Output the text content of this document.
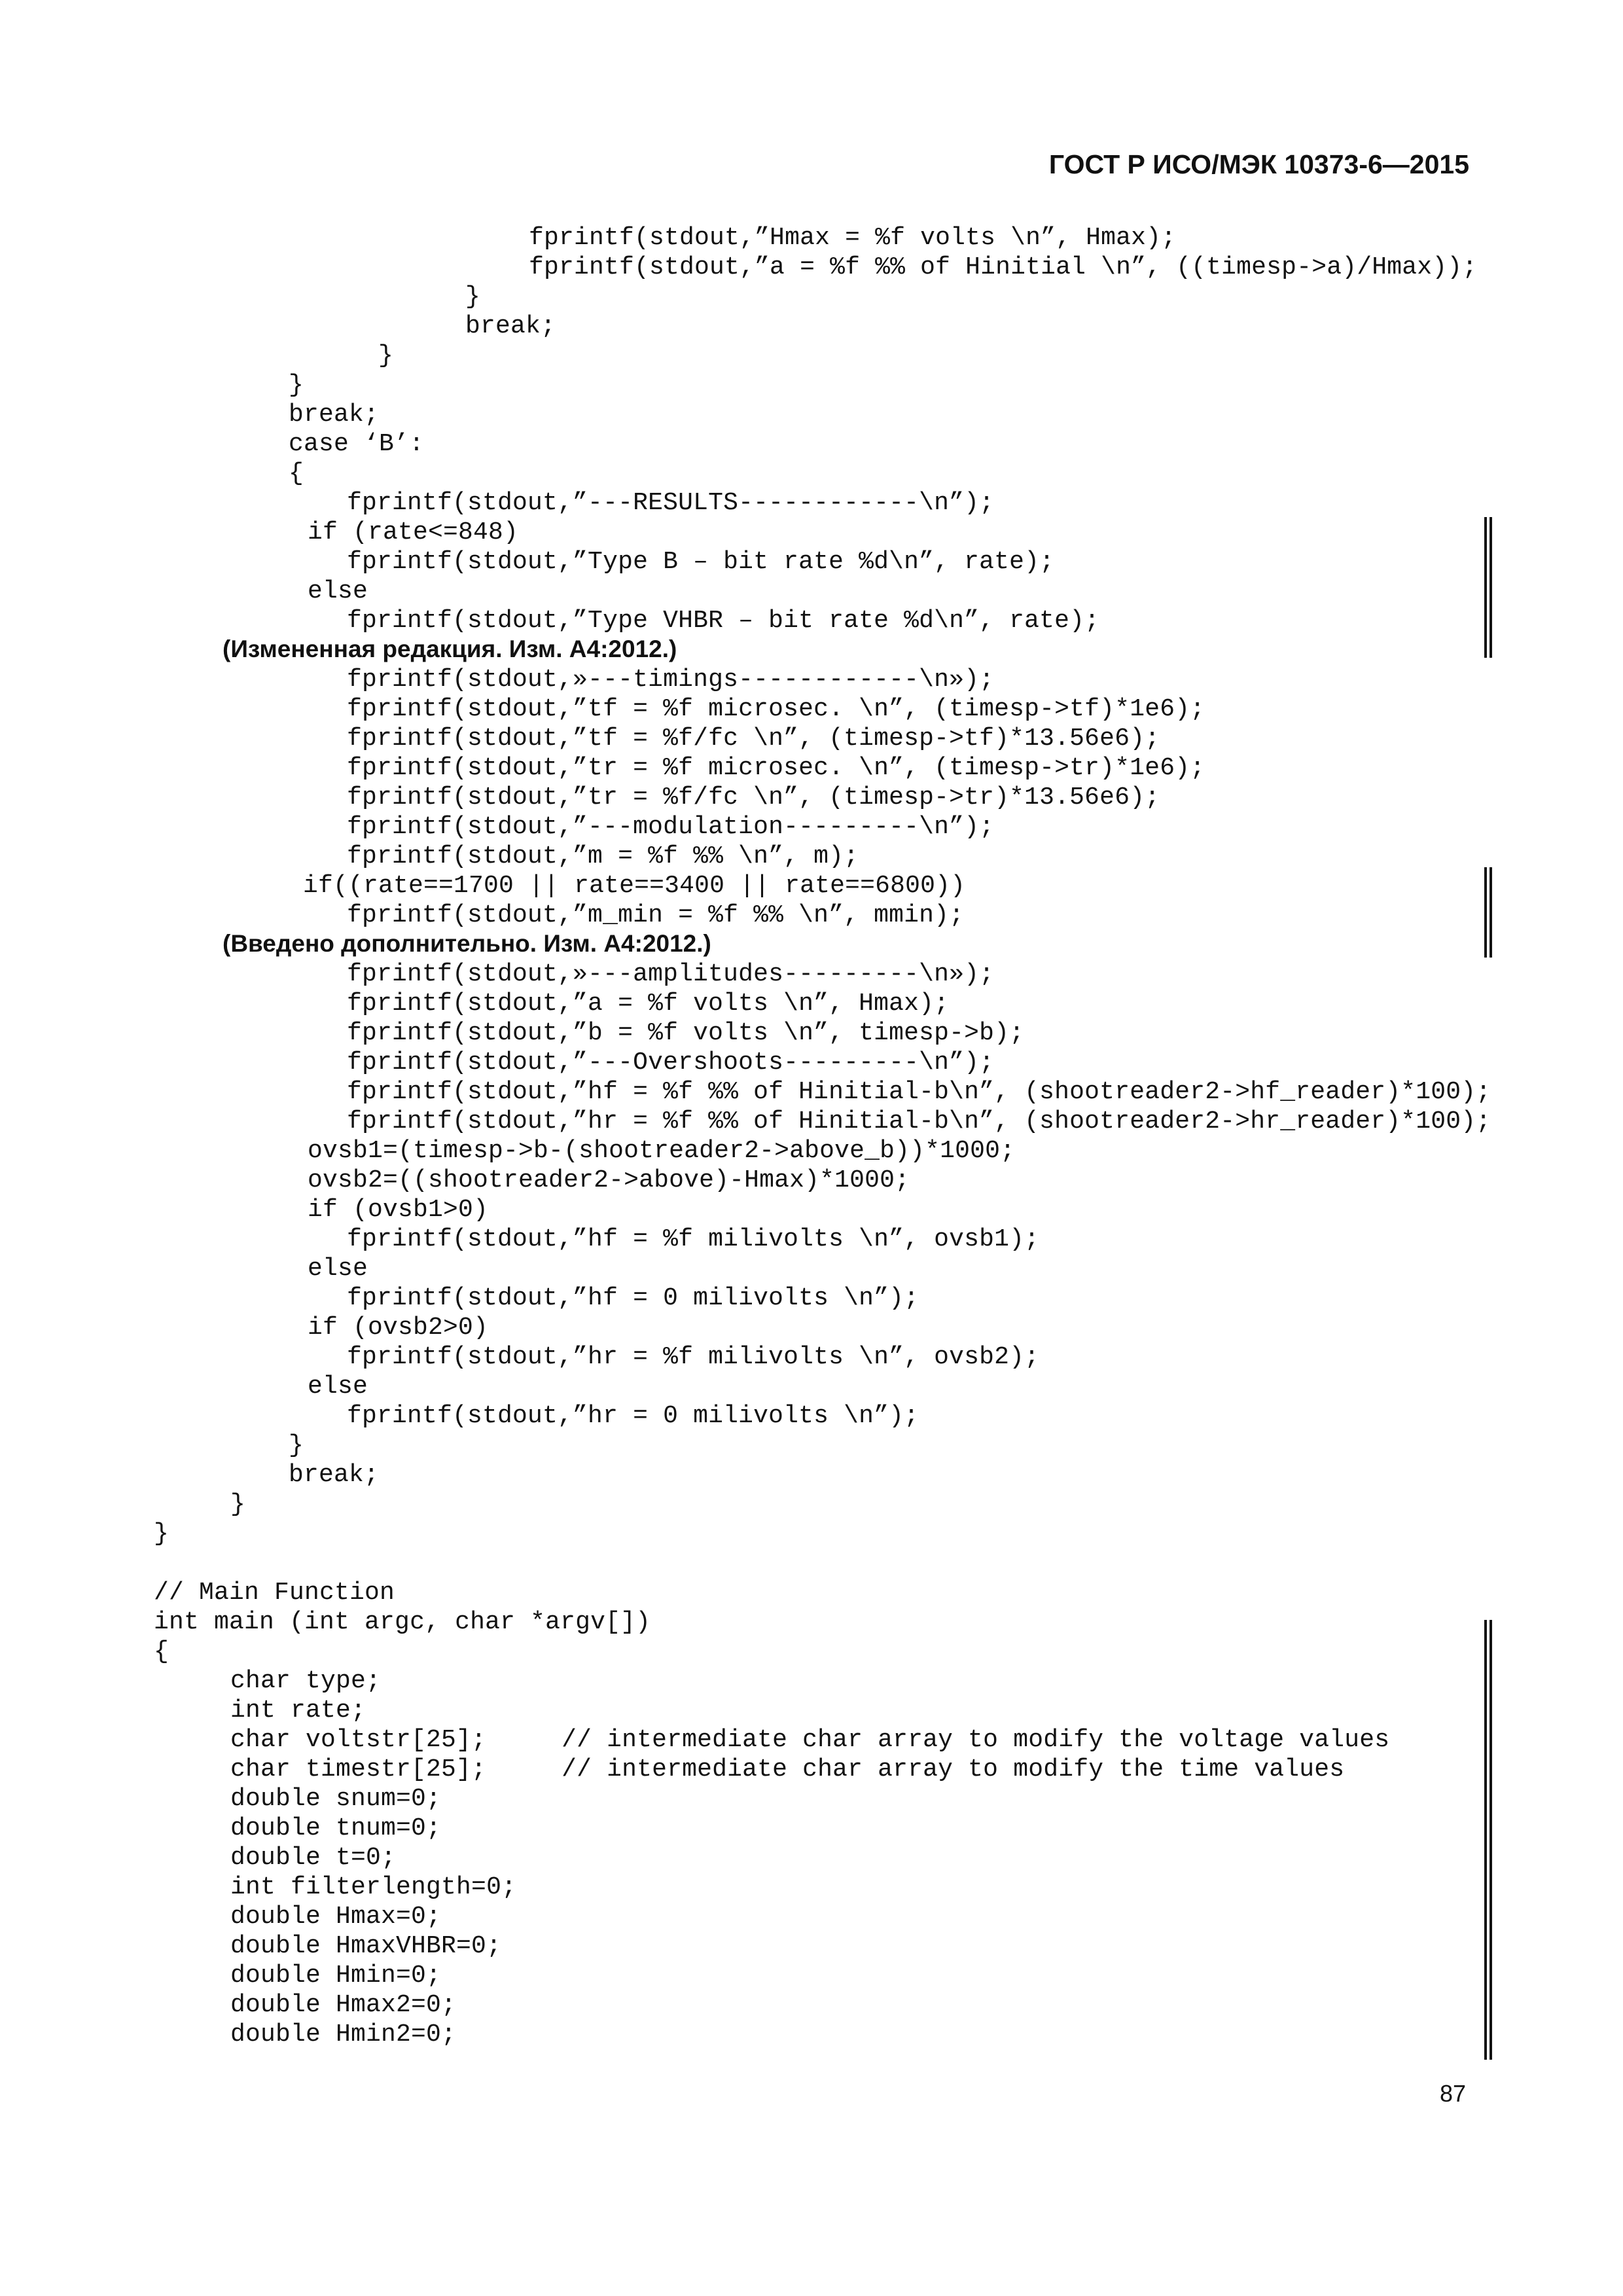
ГОСТ Р ИСО/МЭК 10373-6—2015
fprintf(stdout,”Hmax = %f volts \n”, Hmax);
fprintf(stdout,”a = %f %% of Hinitial \n”, ((timesp->a)/Hmax));
}
break;
}
}
break;
case ‘B’:
{
fprintf(stdout,”---RESULTS------------\n”);
if (rate<=848)
fprintf(stdout,”Type B – bit rate %d\n”, rate);
else
fprintf(stdout,”Type VHBR – bit rate %d\n”, rate);
(Измененная редакция. Изм. А4:2012.)
fprintf(stdout,»---timings------------\n»);
fprintf(stdout,”tf = %f microsec. \n”, (timesp->tf)*1e6);
fprintf(stdout,”tf = %f/fc \n”, (timesp->tf)*13.56e6);
fprintf(stdout,”tr = %f microsec. \n”, (timesp->tr)*1e6);
fprintf(stdout,”tr = %f/fc \n”, (timesp->tr)*13.56e6);
fprintf(stdout,”---modulation---------\n”);
fprintf(stdout,”m = %f %% \n”, m);
if((rate==1700 || rate==3400 || rate==6800))
fprintf(stdout,”m_min = %f %% \n”, mmin);
(Введено дополнительно. Изм. А4:2012.)
fprintf(stdout,»---amplitudes---------\n»);
fprintf(stdout,”a = %f volts \n”, Hmax);
fprintf(stdout,”b = %f volts \n”, timesp->b);
fprintf(stdout,”---Overshoots---------\n”);
fprintf(stdout,”hf = %f %% of Hinitial-b\n”, (shootreader2->hf_reader)*100);
fprintf(stdout,”hr = %f %% of Hinitial-b\n”, (shootreader2->hr_reader)*100);
ovsb1=(timesp->b-(shootreader2->above_b))*1000;
ovsb2=((shootreader2->above)-Hmax)*1000;
if (ovsb1>0)
fprintf(stdout,”hf = %f milivolts \n”, ovsb1);
else
fprintf(stdout,”hf = 0 milivolts \n”);
if (ovsb2>0)
fprintf(stdout,”hr = %f milivolts \n”, ovsb2);
else
fprintf(stdout,”hr = 0 milivolts \n”);
}
break;
}
}
// Main Function
int main (int argc, char *argv[])
{
char type;
int rate;
char voltstr[25];     // intermediate char array to modify the voltage values
char timestr[25];     // intermediate char array to modify the time values
double snum=0;
double tnum=0;
double t=0;
int filterlength=0;
double Hmax=0;
double HmaxVHBR=0;
double Hmin=0;
double Hmax2=0;
double Hmin2=0;
87
